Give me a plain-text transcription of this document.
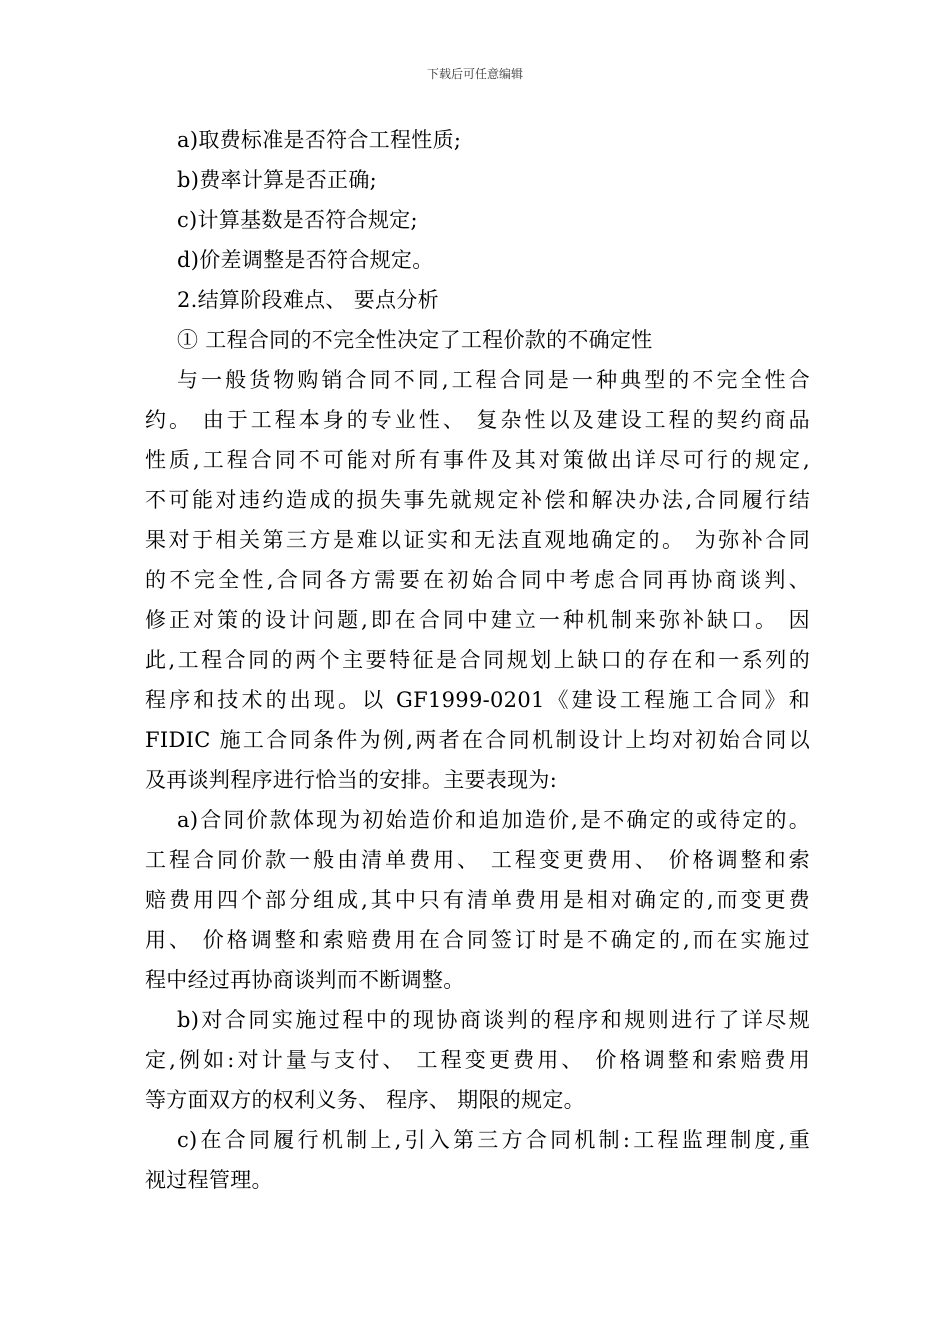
下载后可任意编辑
a)取费标准是否符合工程性质;
b)费率计算是否正确;
c)计算基数是否符合规定;
d)价差调整是否符合规定。
2.结算阶段难点、 要点分析
① 工程合同的不完全性决定了工程价款的不确定性
与一般货物购销合同不同,工程合同是一种典型的不完全性合
约。 由于工程本身的专业性、 复杂性以及建设工程的契约商品
性质,工程合同不可能对所有事件及其对策做出详尽可行的规定,
不可能对违约造成的损失事先就规定补偿和解决办法,合同履行结
果对于相关第三方是难以证实和无法直观地确定的。 为弥补合同
的不完全性,合同各方需要在初始合同中考虑合同再协商谈判、
修正对策的设计问题,即在合同中建立一种机制来弥补缺口。 因
此,工程合同的两个主要特征是合同规划上缺口的存在和一系列的
程序和技术的出现。以 GF1999-0201《建设工程施工合同》和
FIDIC 施工合同条件为例,两者在合同机制设计上均对初始合同以
及再谈判程序进行恰当的安排。主要表现为:
a)合同价款体现为初始造价和追加造价,是不确定的或待定的。
工程合同价款一般由清单费用、 工程变更费用、 价格调整和索
赔费用四个部分组成,其中只有清单费用是相对确定的,而变更费
用、 价格调整和索赔费用在合同签订时是不确定的,而在实施过
程中经过再协商谈判而不断调整。
b)对合同实施过程中的现协商谈判的程序和规则进行了详尽规
定,例如:对计量与支付、 工程变更费用、 价格调整和索赔费用
等方面双方的权利义务、 程序、 期限的规定。
c)在合同履行机制上,引入第三方合同机制:工程监理制度,重
视过程管理。
